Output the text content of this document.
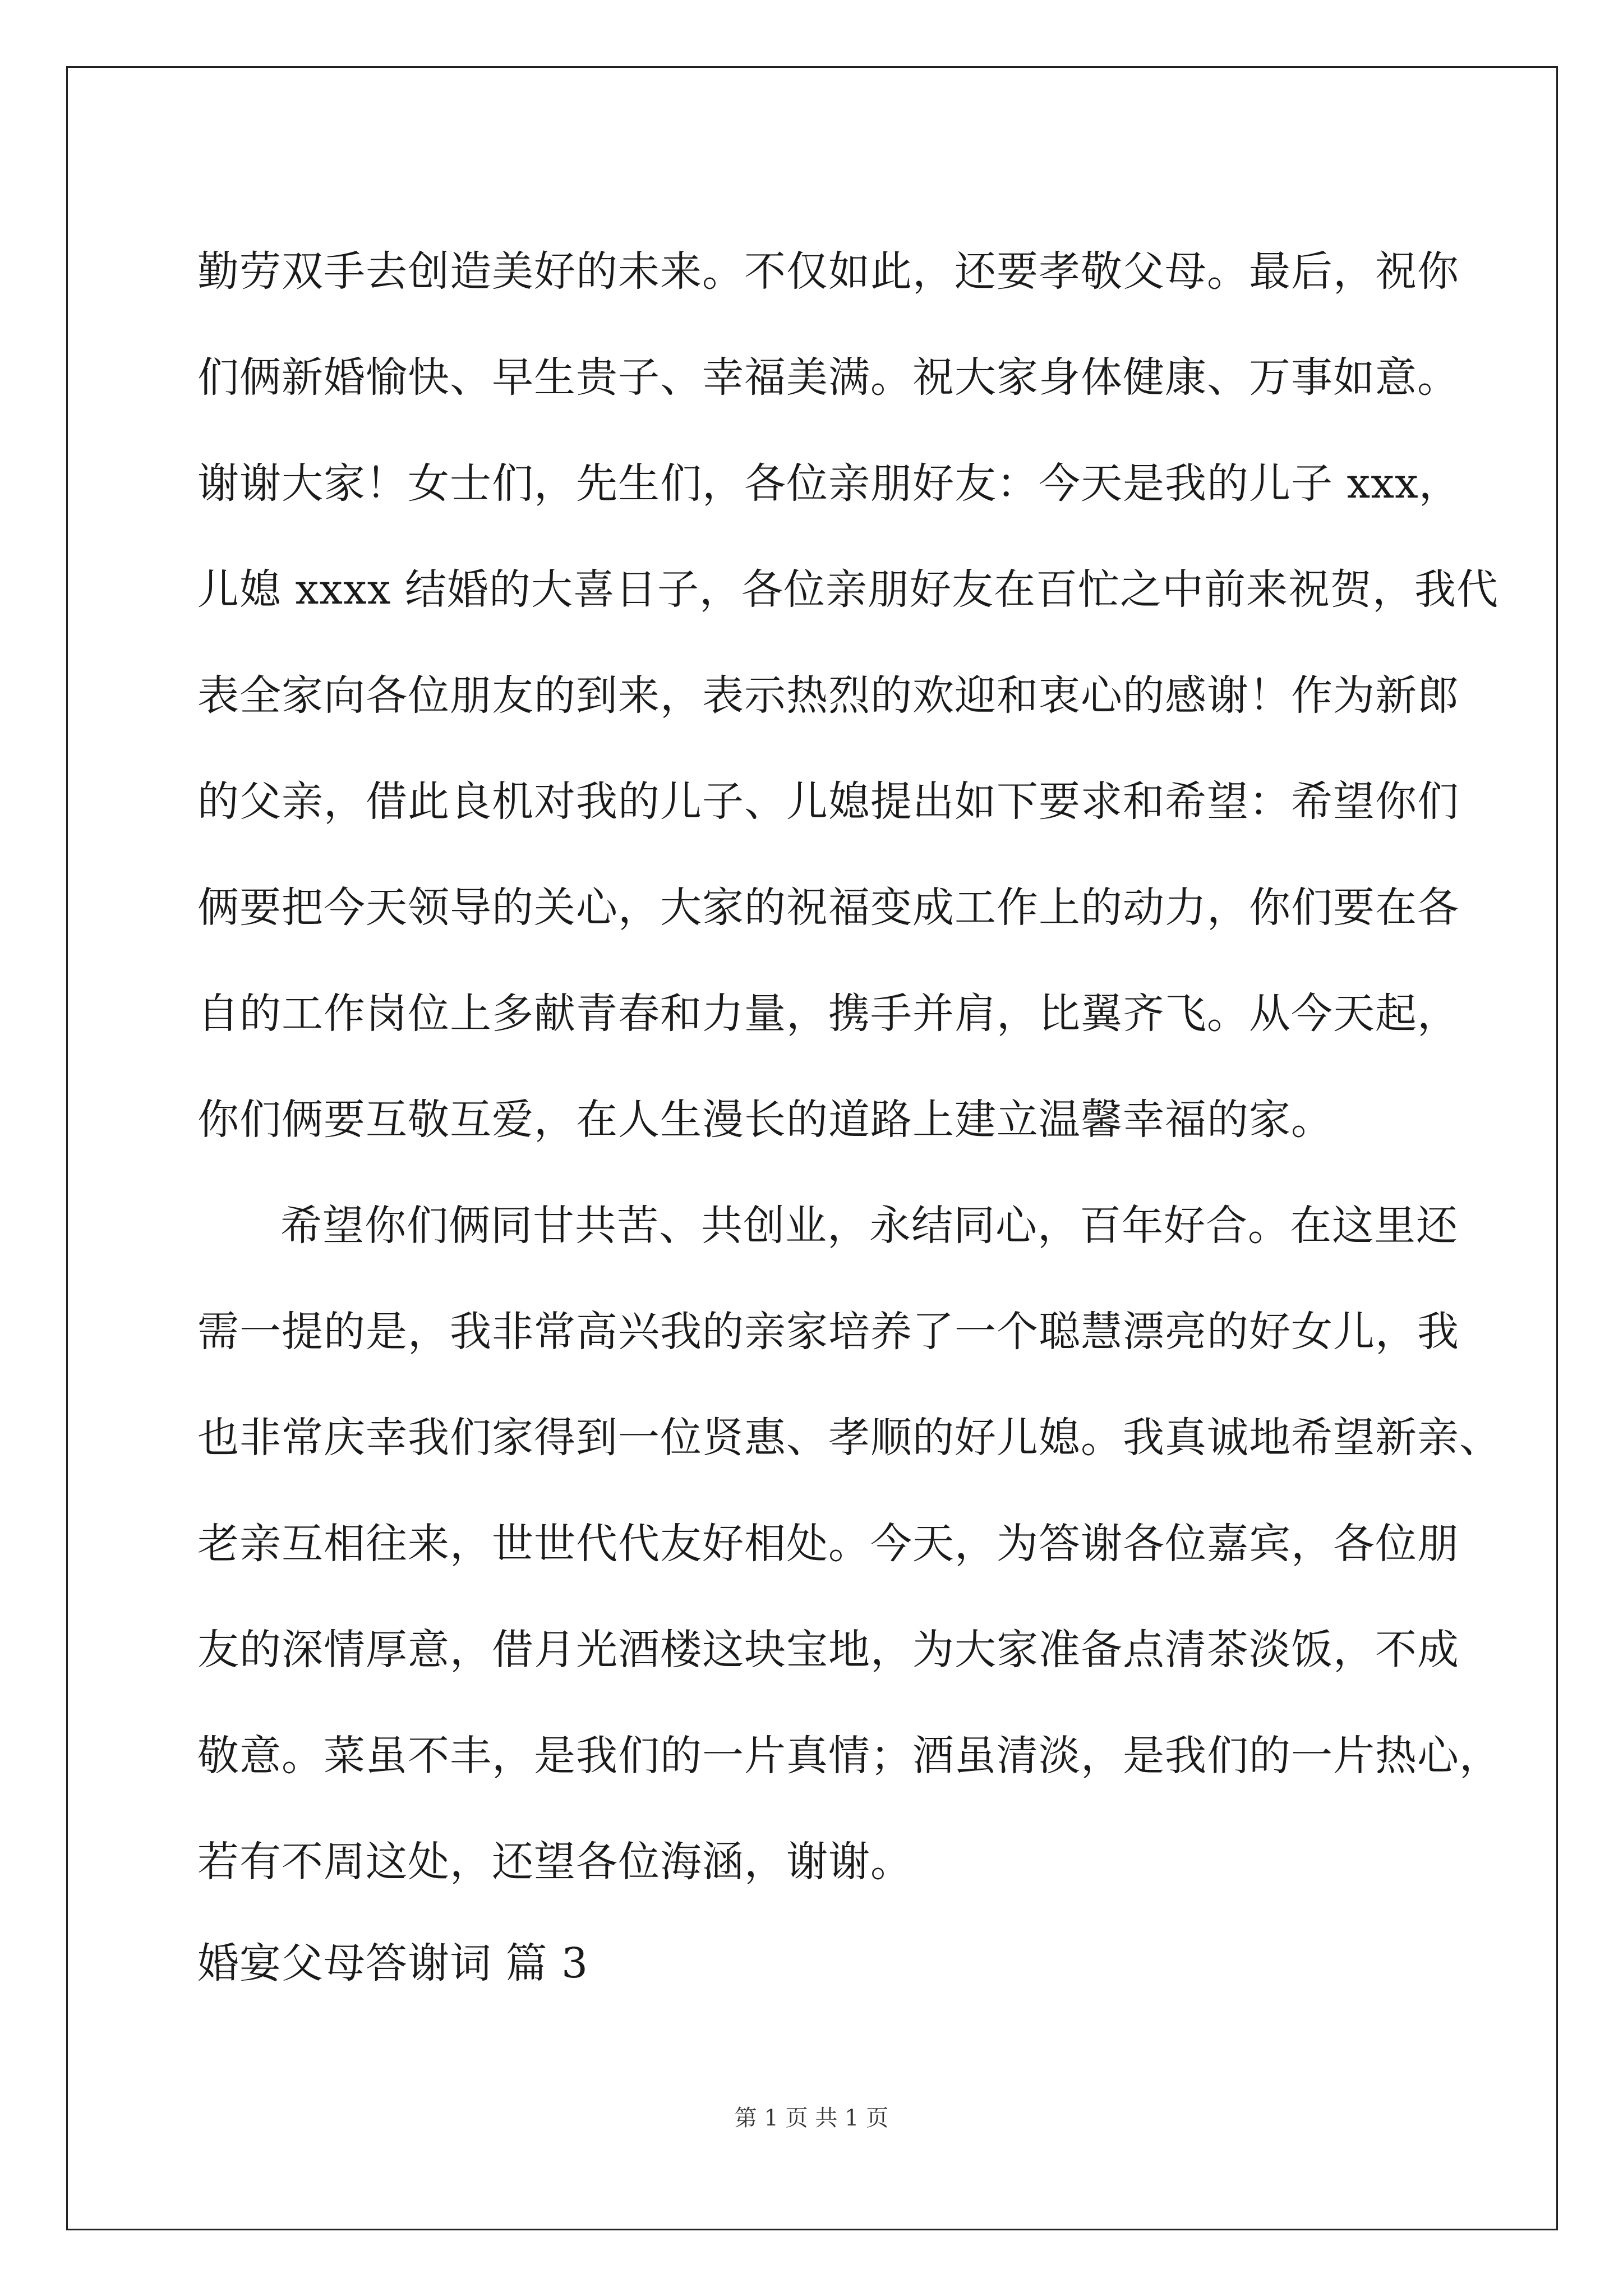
勤劳双手去创造美好的未来。不仅如此，还要孝敬父母。最后，祝你

们俩新婚愉快、早生贵子、幸福美满。祝大家身体健康、万事如意。

谢谢大家！女士们，先生们，各位亲朋好友：今天是我的儿子 xxx，

儿媳 xxxx 结婚的大喜日子，各位亲朋好友在百忙之中前来祝贺，我代

表全家向各位朋友的到来，表示热烈的欢迎和衷心的感谢！作为新郎

的父亲，借此良机对我的儿子、儿媳提出如下要求和希望：希望你们

俩要把今天领导的关心，大家的祝福变成工作上的动力，你们要在各

自的工作岗位上多献青春和力量，携手并肩，比翼齐飞。从今天起，

你们俩要互敬互爱，在人生漫长的道路上建立温馨幸福的家。

希望你们俩同甘共苦、共创业，永结同心，百年好合。在这里还

需一提的是，我非常高兴我的亲家培养了一个聪慧漂亮的好女儿，我

也非常庆幸我们家得到一位贤惠、孝顺的好儿媳。我真诚地希望新亲、

老亲互相往来，世世代代友好相处。今天，为答谢各位嘉宾，各位朋

友的深情厚意，借月光酒楼这块宝地，为大家准备点清茶淡饭，不成

敬意。菜虽不丰，是我们的一片真情；酒虽清淡，是我们的一片热心，

若有不周这处，还望各位海涵，谢谢。

婚宴父母答谢词 篇 3
第 1 页 共 1 页
